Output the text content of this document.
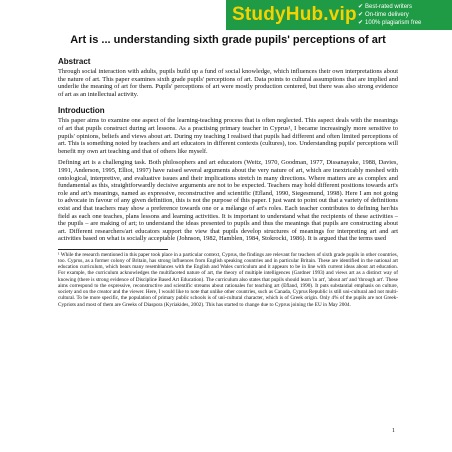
StudyHub.vip ✔ Best-rated writers
✔ On-time delivery
✔ 100% plagiarism free
Art is ... understanding sixth grade pupils' perceptions of art
Abstract

Through social interaction with adults, pupils build up a fund of social knowledge, which influences their own interpretations about the nature of art. This paper examines sixth grade pupils' perceptions of art. Data points to cultural assumptions that are implied and underlie the meaning of art for them. Pupils' perceptions of art were mostly production centered, but there was also strong evidence of art as an intellectual activity.

Introduction

This paper aims to examine one aspect of the learning-teaching process that is often neglected. This aspect deals with the meanings of art that pupils construct during art lessons. As a practising primary teacher in Cyprus¹, I became increasingly more sensitive to pupils' opinions, beliefs and views about art. During my teaching I realised that pupils had different and often limited perceptions of art. This is something noted by teachers and art educators in different contexts (cultures), too. Understanding pupils' perceptions will benefit my own art teaching and that of others like myself.

Defining art is a challenging task. Both philosophers and art educators (Weitz, 1970, Goodman, 1977, Dissanayake, 1988, Davies, 1991, Anderson, 1995, Elliot, 1997) have raised several arguments about the very nature of art, which are inextricably meshed with ontological, interpretive, and evaluative issues and their implications stretch in many directions. Where matters are as complex and fundamental as this, straightforwardly decisive arguments are not to be expected. Teachers may hold different positions towards art's role and art's meanings, named as expressive, reconstructive and scientific (Efland, 1990, Siegesmund, 1998). Here I am not going to advocate in favour of any given definition, this is not the purpose of this paper. I just want to point out that a variety of definitions exist and that teachers may show a preference towards one or a mélange of art's roles. Each teacher contributes to defining her/his field as each one teaches, plans lessons and learning activities. It is important to understand what the recipients of these activities – the pupils – are making of art; to understand the ideas presented to pupils and thus the meanings that pupils are constructing about art. Different researchers/art educators support the view that pupils develop structures of meanings for interpreting art and art activities based on what is socially acceptable (Johnson, 1982, Hamblen, 1984, Stokrocki, 1986). It is argued that the terms used

¹ While the research mentioned in this paper took place in a particular context, Cyprus, the findings are relevant for teachers of sixth grade pupils in other countries, too. Cyprus, as a former colony of Britain, has strong influences from English speaking countries and in particular Britain. These are identified in the national art education curriculum, which bears many resemblances with the English and Wales curriculum and it appears to be in line with current ideas about art education. For example, the curriculum acknowledges the multifaceted nature of art, the theory of multiple intelligences (Gardner 1993) and views art as a distinct way of knowing (there is strong evidence of Discipline Based Art Education). The curriculum also states that pupils should learn 'in art', 'about art' and 'through art'. These aims correspond to the expressive, reconstructive and scientific streams about rationales for teaching art (Efland, 1990). It puts substantial emphasis on culture, society and on the creator and the viewer. Here, I would like to note that unlike other countries, such as Canada, Cyprus Republic is still uni-cultural and not multi-cultural. To be more specific, the population of primary public schools is of uni-cultural character, which is of Greek origin. Only 4% of the pupils are not Greek-Cypriots and most of them are Greeks of Diaspora (Kyriakides, 2002). This has started to change due to Cyprus joining the EU in May 2004.
1
